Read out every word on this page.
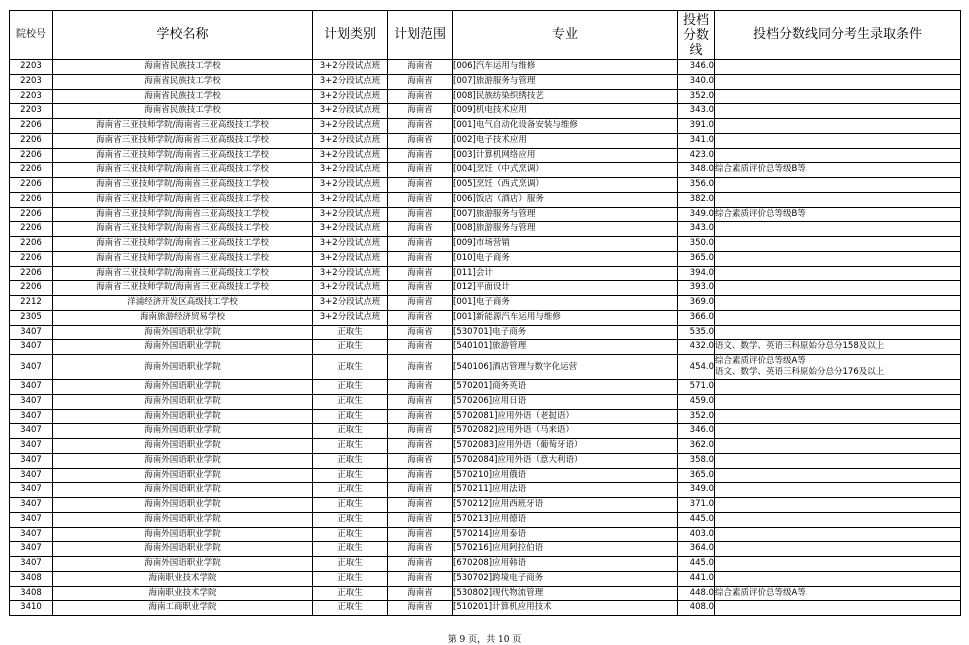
院校号	学校名称	计划类别	计划范围	专业	投档分数线	投档分数线同分考生录取条件
2203	海南省民族技工学校	3+2分段试点班	海南省	[006]汽车运用与维修	346.0	

2203	海南省民族技工学校	3+2分段试点班	海南省	[007]旅游服务与管理	340.0	

2203	海南省民族技工学校	3+2分段试点班	海南省	[008]民族纺染织绣技艺	352.0	

2203	海南省民族技工学校	3+2分段试点班	海南省	[009]机电技术应用	343.0	

2206	海南省三亚技师学院/海南省三亚高级技工学校	3+2分段试点班	海南省	[001]电气自动化设备安装与维修	391.0	

2206	海南省三亚技师学院/海南省三亚高级技工学校	3+2分段试点班	海南省	[002]电子技术应用	341.0	

2206	海南省三亚技师学院/海南省三亚高级技工学校	3+2分段试点班	海南省	[003]计算机网络应用	423.0	

2206	海南省三亚技师学院/海南省三亚高级技工学校	3+2分段试点班	海南省	[004]烹饪（中式烹调）	348.0	综合素质评价总等级B等

2206	海南省三亚技师学院/海南省三亚高级技工学校	3+2分段试点班	海南省	[005]烹饪（西式烹调）	356.0	

2206	海南省三亚技师学院/海南省三亚高级技工学校	3+2分段试点班	海南省	[006]饭店（酒店）服务	382.0	

2206	海南省三亚技师学院/海南省三亚高级技工学校	3+2分段试点班	海南省	[007]旅游服务与管理	349.0	综合素质评价总等级B等

2206	海南省三亚技师学院/海南省三亚高级技工学校	3+2分段试点班	海南省	[008]旅游服务与管理	343.0	

2206	海南省三亚技师学院/海南省三亚高级技工学校	3+2分段试点班	海南省	[009]市场营销	350.0	

2206	海南省三亚技师学院/海南省三亚高级技工学校	3+2分段试点班	海南省	[010]电子商务	365.0	

2206	海南省三亚技师学院/海南省三亚高级技工学校	3+2分段试点班	海南省	[011]会计	394.0	

2206	海南省三亚技师学院/海南省三亚高级技工学校	3+2分段试点班	海南省	[012]平面设计	393.0	

2212	洋浦经济开发区高级技工学校	3+2分段试点班	海南省	[001]电子商务	369.0	

2305	海南旅游经济贸易学校	3+2分段试点班	海南省	[001]新能源汽车运用与维修	366.0	

3407	海南外国语职业学院	正取生	海南省	[530701]电子商务	535.0	

3407	海南外国语职业学院	正取生	海南省	[540101]旅游管理	432.0	语文、数学、英语三科原始分总分158及以上

3407	海南外国语职业学院	正取生	海南省	[540106]酒店管理与数字化运营	454.0	综合素质评价总等级A等
语文、数学、英语三科原始分总分176及以上

3407	海南外国语职业学院	正取生	海南省	[570201]商务英语	571.0	

3407	海南外国语职业学院	正取生	海南省	[570206]应用日语	459.0	

3407	海南外国语职业学院	正取生	海南省	[5702081]应用外语（老挝语）	352.0	

3407	海南外国语职业学院	正取生	海南省	[5702082]应用外语（马来语）	346.0	

3407	海南外国语职业学院	正取生	海南省	[5702083]应用外语（葡萄牙语）	362.0	

3407	海南外国语职业学院	正取生	海南省	[5702084]应用外语（意大利语）	358.0	

3407	海南外国语职业学院	正取生	海南省	[570210]应用俄语	365.0	

3407	海南外国语职业学院	正取生	海南省	[570211]应用法语	349.0	

3407	海南外国语职业学院	正取生	海南省	[570212]应用西班牙语	371.0	

3407	海南外国语职业学院	正取生	海南省	[570213]应用德语	445.0	

3407	海南外国语职业学院	正取生	海南省	[570214]应用泰语	403.0	

3407	海南外国语职业学院	正取生	海南省	[570216]应用阿拉伯语	364.0	

3407	海南外国语职业学院	正取生	海南省	[670208]应用韩语	445.0	

3408	海南职业技术学院	正取生	海南省	[530702]跨境电子商务	441.0	

3408	海南职业技术学院	正取生	海南省	[530802]现代物流管理	448.0	综合素质评价总等级A等

3410	海南工商职业学院	正取生	海南省	[510201]计算机应用技术	408.0	
第 9 页，共 10 页
